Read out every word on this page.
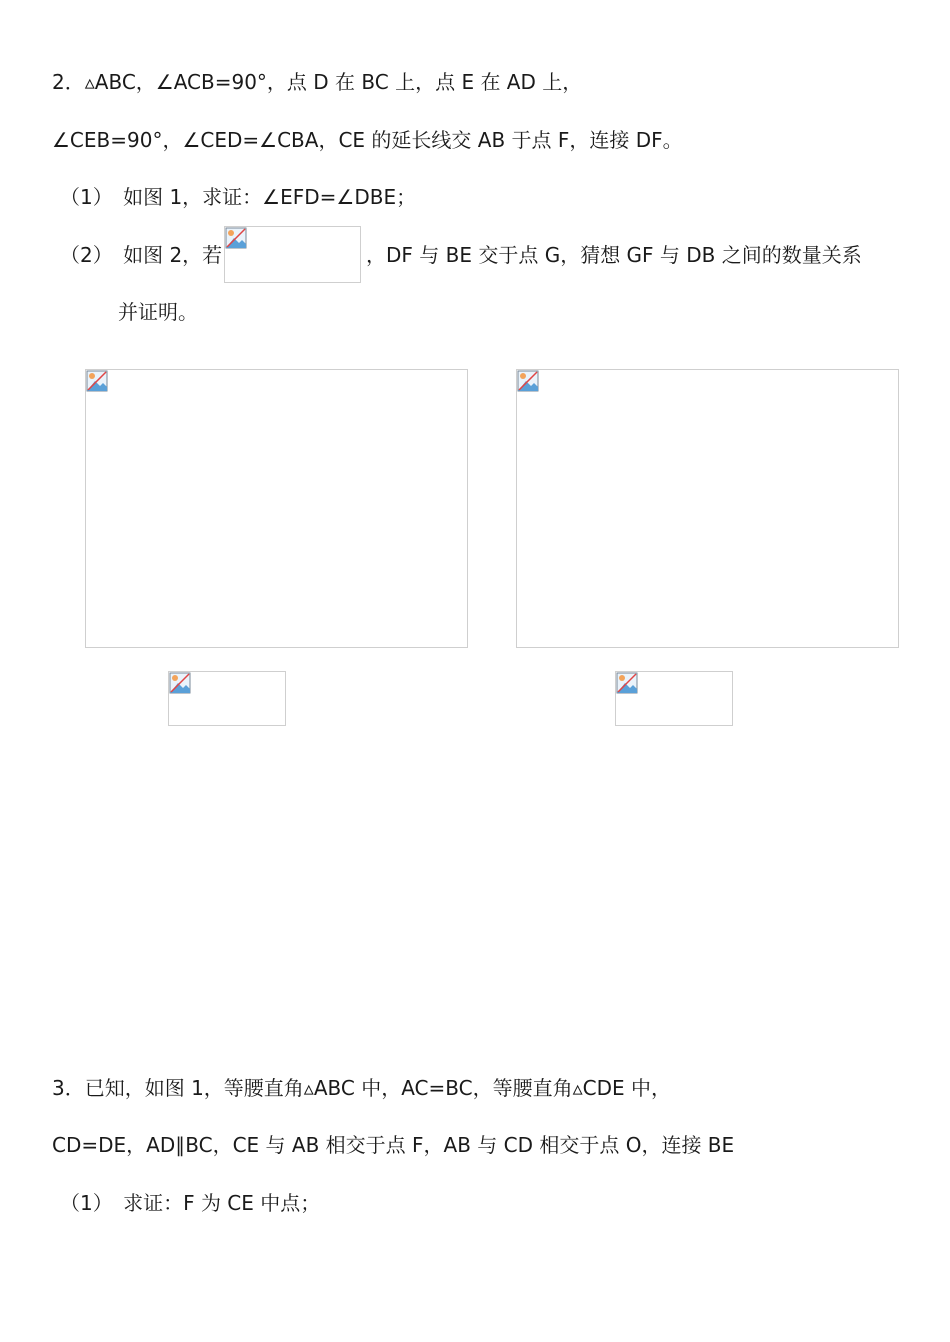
2．▵ABC，∠ACB=90°，点 D 在 BC 上，点 E 在 AD 上，
∠CEB=90°，∠CED=∠CBA，CE 的延长线交 AB 于点 F，连接 DF。
（1） 如图 1，求证：∠EFD=∠DBE；
（2） 如图 2，若	，DF 与 BE 交于点 G，猜想 GF 与 DB 之间的数量关系
并证明。
3．已知，如图 1，等腰直角▵ABC 中，AC=BC，等腰直角▵CDE 中，
CD=DE，AD∥BC，CE 与 AB 相交于点 F，AB 与 CD 相交于点 O，连接 BE
（1） 求证：F 为 CE 中点；
